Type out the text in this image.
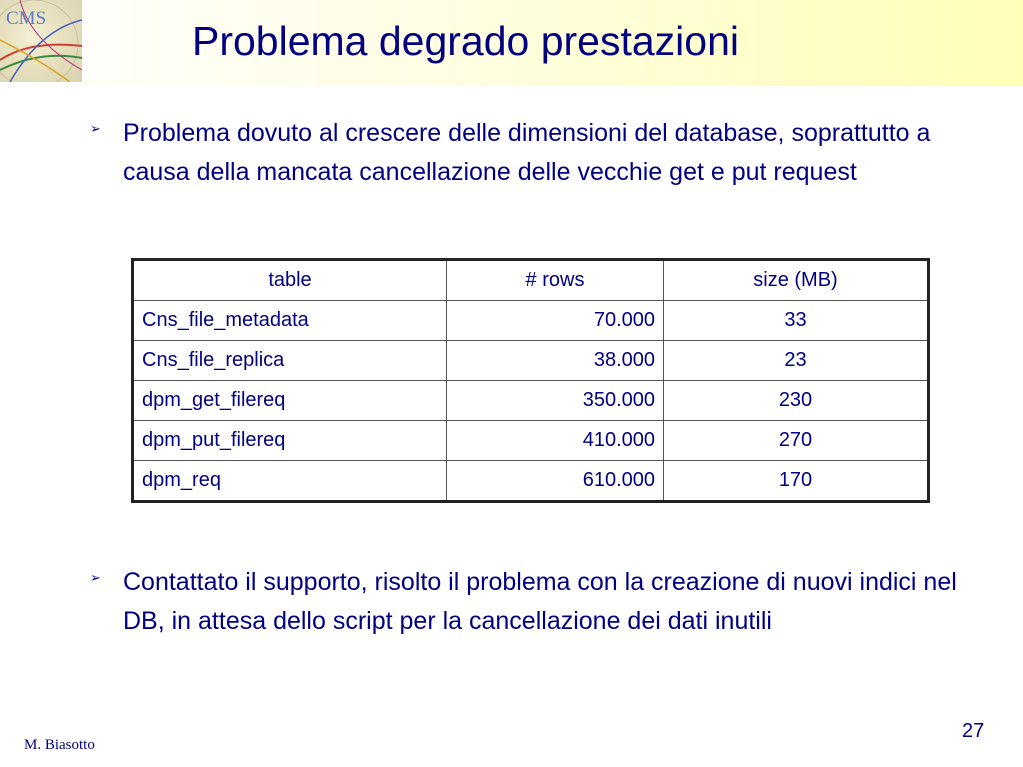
CMS	Problema degrado prestazioni
➢ Problema dovuto al crescere delle dimensioni del database, soprattutto a causa della mancata cancellazione delle vecchie get e put request
table	# rows	size (MB)
Cns_file_metadata	70.000	33
Cns_file_replica	38.000	23
dpm_get_filereq	350.000	230
dpm_put_filereq	410.000	270
dpm_req	610.000	170
➢ Contattato il supporto, risolto il problema con la creazione di nuovi indici nel DB, in attesa dello script per la cancellazione dei dati inutili
27
M. Biasotto
